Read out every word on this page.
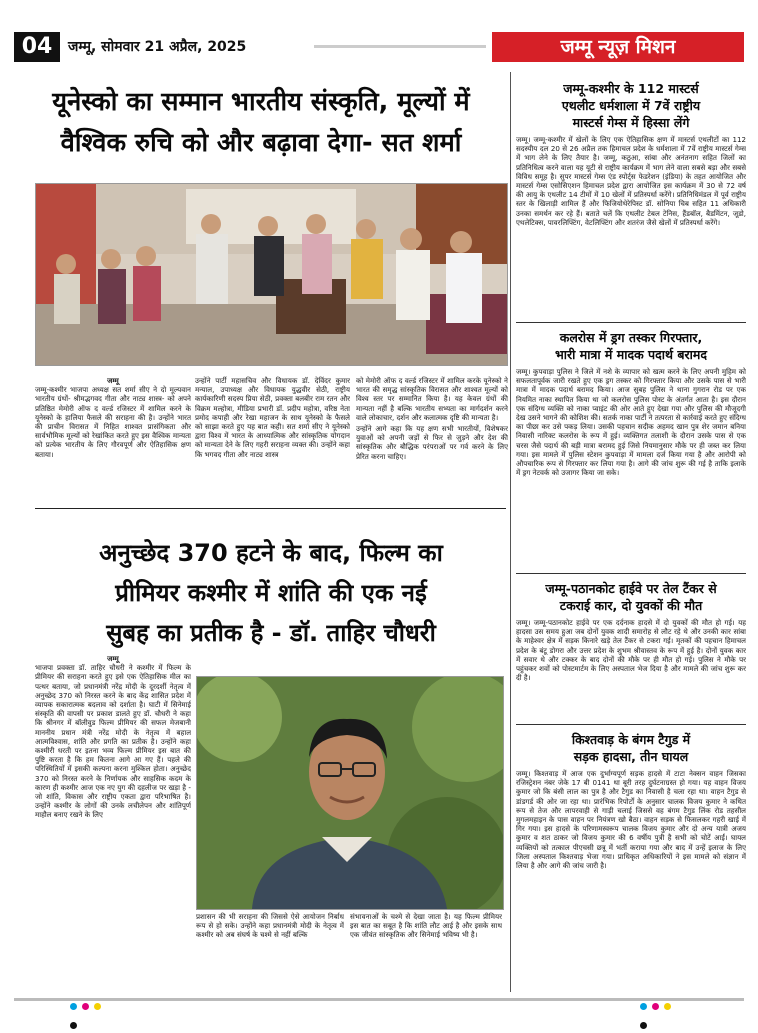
04	जम्मू, सोमवार 21 अप्रैल, 2025	जम्मू न्यूज़ मिशन
यूनेस्को का सम्मान भारतीय संस्कृति, मूल्यों में
वैश्विक रुचि को और बढ़ावा देगा- सत शर्मा
जम्मू
जम्मू-कश्मीर भाजपा अध्यक्ष सत शर्मा सीए ने दो मूल्यवान भारतीय ग्रंथों- श्रीमद्भगवद गीता और नाट्य शास्त्र- को अपने प्रतिष्ठित मेमोरी ऑफ द वर्ल्ड रजिस्टर में शामिल करने के यूनेस्को के हालिया फैसले की सराहना की है। उन्होंने भारत की प्राचीन विरासत में निहित शाश्वत प्रासंगिकता और सार्वभौमिक मूल्यों को रेखांकित करते हुए इस वैश्विक मान्यता को प्रत्येक भारतीय के लिए गौरवपूर्ण और ऐतिहासिक क्षण बताया।
उन्होंने पार्टी महासचिव और विधायक डॉ. देविंदर कुमार मन्याल, उपाध्यक्ष और विधायक युद्धवीर सेठी, राष्ट्रीय कार्यकारिणी सदस्य प्रिया सेठी, प्रवक्ता बलबीर राम रतन और विक्रम मल्होत्रा, मीडिया प्रभारी डॉ. प्रदीप महोत्रा, वरिष्ठ नेता प्रमोद कपाही और रेखा महाजन के साथ यूनेस्को के फैसले को साझा करते हुए यह बात कही। सत शर्मा सीए ने यूनेस्को द्वारा विश्व में भारत के आध्यात्मिक और सांस्कृतिक योगदान को मान्यता देने के लिए गहरी सराहना व्यक्त की। उन्होंने कहा कि भगवद गीता और नाट्य शास्त्र
को मेमोरी ऑफ द वर्ल्ड रजिस्टर में शामिल करके यूनेस्को ने भारत की समृद्ध सांस्कृतिक विरासत और शाश्वत मूल्यों को विश्व स्तर पर सम्मानित किया है। यह केवल ग्रंथों की मान्यता नहीं है बल्कि भारतीय सभ्यता का मार्गदर्शन करने वाले लोकाचार, दर्शन और कलात्मक दृष्टि की मान्यता है।
उन्होंने आगे कहा कि यह क्षण सभी भारतीयों, विशेषकर युवाओं को अपनी जड़ों से फिर से जुड़ने और देश की सांस्कृतिक और बौद्धिक परंपराओं पर गर्व करने के लिए प्रेरित करना चाहिए।
अनुच्छेद 370 हटने के बाद, फिल्म का
प्रीमियर कश्मीर में शांति की एक नई
सुबह का प्रतीक है - डॉ. ताहिर चौधरी
जम्मू
भाजपा प्रवक्ता डॉ. ताहिर चौधरी ने कश्मीर में फिल्म के प्रीमियर की सराहना करते हुए इसे एक ऐतिहासिक मील का पत्थर बताया, जो प्रधानमंत्री नरेंद्र मोदी के दूरदर्शी नेतृत्व में अनुच्छेद 370 को निरस्त करने के बाद केंद्र शासित प्रदेश में व्यापक सकारात्मक बदलाव को दर्शाता है। घाटी में सिनेमाई संस्कृति की वापसी पर प्रकाश डालते हुए डॉ. चौधरी ने कहा कि श्रीनगर में बॉलीवुड फिल्म प्रीमियर की सफल मेजबानी माननीय प्रधान मंत्री नरेंद्र मोदी के नेतृत्व में बहाल आत्मविश्वास, शांति और प्रगति का प्रतीक है। उन्होंने कहा कश्मीरी धरती पर इतना भव्य फिल्म प्रीमियर इस बात की पुष्टि करता है कि हम कितना आगे आ गए हैं। पहले की परिस्थितियों में इसकी कल्पना करना मुश्किल होता। अनुच्छेद 370 को निरस्त करने के निर्णायक और साहसिक कदम के कारण ही कश्मीर आज एक नए युग की दहलीज पर खड़ा है - जो शांति, विकास और राष्ट्रीय एकता द्वारा परिभाषित है। उन्होंने कश्मीर के लोगों की उनके लचीलेपन और शांतिपूर्ण माहौल बनाए रखने के लिए
प्रशासन की भी सराहना की जिससे ऐसे आयोजन निर्बाध रूप से हो सके। उन्होंने कहा प्रधानमंत्री मोदी के नेतृत्व में कश्मीर को अब संघर्ष के चश्मे से नहीं बल्कि
संभावनाओं के चश्मे से देखा जाता है। यह फिल्म प्रीमियर इस बात का सबूत है कि शांति लौट आई है और इसके साथ एक जीवंत सांस्कृतिक और सिनेमाई भविष्य भी है।
जम्मू-कश्मीर के 112 मास्टर्स
एथलीट धर्मशाला में 7वें राष्ट्रीय
मास्टर्स गेम्स में हिस्सा लेंगे
जम्मू। जम्मू-कश्मीर में खेलों के लिए एक ऐतिहासिक क्षण में मास्टर्स एथलीटों का 112 सदस्यीय दल 20 से 26 अप्रैल तक हिमाचल प्रदेश के धर्मशाला में 7वें राष्ट्रीय मास्टर्स गेम्स में भाग लेने के लिए तैयार है। जम्मू, कठुआ, सांबा और अनंतनाग सहित जिलों का प्रतिनिधित्व करने वाला यह यूटी से राष्ट्रीय कार्यक्रम में भाग लेने वाला सबसे बड़ा और सबसे विविध समूह है। सुपर मास्टर्स गेम्स एंड स्पोर्ट्स फेडरेशन (इंडिया) के तहत आयोजित और मास्टर्स गेम्स एसोसिएशन हिमाचल प्रदेश द्वारा आयोजित इस कार्यक्रम में 30 से 72 वर्ष की आयु के एथलीट 14 टीमों में 10 खेलों में प्रतिस्पर्धा करेंगे। प्रतिनिधिमंडल में पूर्व राष्ट्रीय स्तर के खिलाड़ी शामिल हैं और फिजियोथेरेपिस्ट डॉ. सोनिया चिब सहित 11 अधिकारी उनका समर्थन कर रहे हैं। बताते चलें कि एथलीट टेबल टेनिस, हैंडबॉल, बैडमिंटन, जूडो, एथलेटिक्स, पावरलिफ्टिंग, वेटलिफ्टिंग और शतरंज जैसे खेलों में प्रतिस्पर्धा करेंगे।
कलरोस में ड्रग तस्कर गिरफ्तार,
भारी मात्रा में मादक पदार्थ बरामद
जम्मू। कुपवाड़ा पुलिस ने जिले में नशे के व्यापार को खत्म करने के लिए अपनी मुहिम को सफलतापूर्वक जारी रखते हुए एक ड्रग तस्कर को गिरफ्तार किया और उसके पास से भारी मात्रा में मादक पदार्थ बरामद किया। आज सुबह पुलिस ने थाना गुगरान रोड पर एक नियमित नाका स्थापित किया था जो कलरोस पुलिस पोस्ट के अंतर्गत आता है। इस दौरान एक संदिग्ध व्यक्ति को नाका प्वाइंट की ओर आते हुए देखा गया और पुलिस की मौजूदगी देख उसने भागने की कोशिश की। सतर्क नाका पार्टी ने तत्परता से कार्रवाई करते हुए संदिग्ध का पीछा कर उसे पकड़ लिया। उसकी पहचान सदीक अहमद खान पुत्र शेर जमान बनिया निवासी नारिक्ट कलरोस के रूप में हुई। व्यक्तिगत तलाशी के दौरान उसके पास से एक चरस जैसे पदार्थ की बड़ी मात्रा बरामद हुई जिसे नियमानुसार मौके पर ही जब्त कर लिया गया। इस मामले में पुलिस स्टेशन कुपवाड़ा में मामला दर्ज किया गया है और आरोपी को औपचारिक रूप से गिरफ्तार कर लिया गया है। आगे की जांच शुरू की गई है ताकि इलाके में ड्रग नेटवर्क को उजागर किया जा सके।
जम्मू-पठानकोट हाईवे पर तेल टैंकर से
टकराई कार, दो युवकों की मौत
जम्मू। जम्मू-पठानकोट हाईवे पर एक दर्दनाक हादसे में दो युवकों की मौत हो गई। यह हादसा उस समय हुआ जब दोनों युवक शादी समारोह से लौट रहे थे और उनकी कार सांबा के माहेश्वर क्षेत्र में सड़क किनारे खड़े तेल टैंकर से टकरा गई। मृतकों की पहचान हिमाचल प्रदेश के बंटू डोगरा और उत्तर प्रदेश के शुभम श्रीवास्तव के रूप में हुई है। दोनों युवक कार में सवार थे और टक्कर के बाद दोनों की मौके पर ही मौत हो गई। पुलिस ने मौके पर पहुंचकर शवों को पोस्टमार्टम के लिए अस्पताल भेज दिया है और मामले की जांच शुरू कर दी है।
किश्तवाड़ के बंगम टैगुड में
सड़क हादसा, तीन घायल
जम्मू। किश्तवाड़ में आज एक दुर्भाग्यपूर्ण सड़क हादसे में टाटा नेक्सन वाहन जिसका रजिस्ट्रेशन नंबर जेके 17 बी 0141 था बूरी तरह दुर्घटनाग्रस्त हो गया। यह वाहन विजय कुमार जो कि बंसी लाल का पुत्र है और टैगुड का निवासी है चला रहा था। वाहन टैगुड से डांडगर्ड की ओर जा रहा था। प्रारंभिक रिपोर्टों के अनुसार चालक विजय कुमार ने कथित रूप से तेज और लापरवाही से गाड़ी चलाई जिससे वह बंगम टैगुड लिंक रोड तहसील मुगलमहाइन के पास वाहन पर नियंत्रण खो बैठा। वाहन सड़क से फिसलकर गहरी खाई में गिर गया। इस हादसे के परिणामस्वरूप चालक विजय कुमार और दो अन्य यात्री अजय कुमार व शत ठाकर जो विजय कुमार की 6 वर्षीय पुत्री है सभी को चोटें आईं। घायल व्यक्तियों को तत्काल पीएचसी छत्रू में भर्ती कराया गया और बाद में उन्हें इलाज के लिए जिला अस्पताल किश्तवाड़ भेजा गया। प्राधिकृत अधिकारियों ने इस मामले को संज्ञान में लिया है और आगे की जांच जारी है।
